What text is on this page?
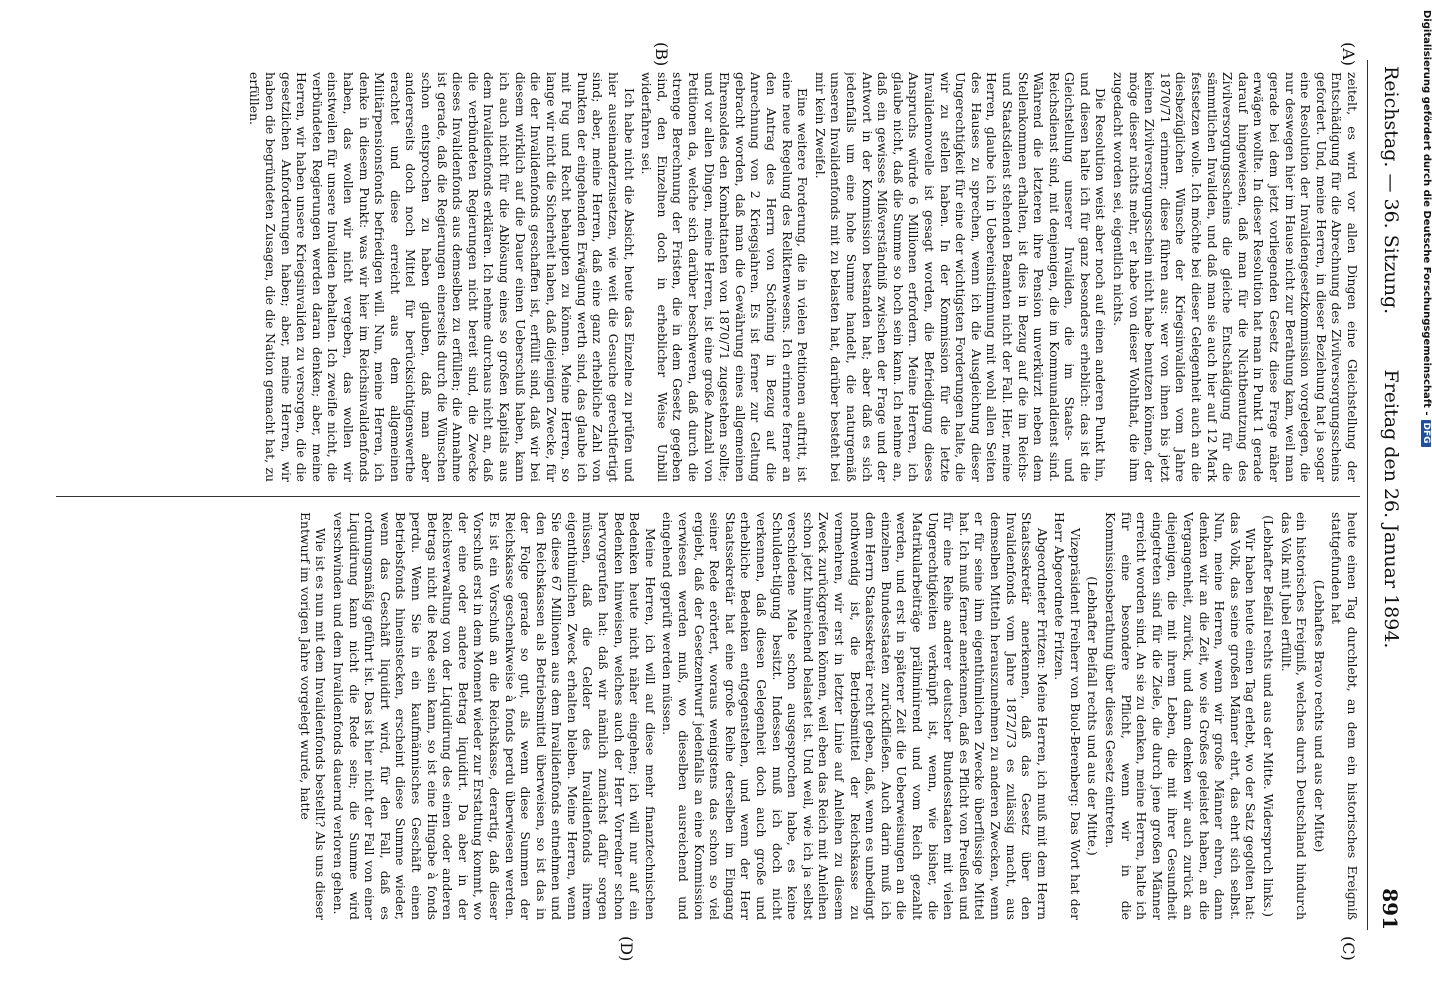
Reichstag. — 36. Sitzung.
Freitag den 26. Januar 1894.
891
(A)
(B)
(C)
(D)

zeitelt, es wird vor allen Dingen eine Gleichstellung der Entschädigung für die Abrechnung des Zivilversorgungsscheins gefordert. Und, meine Herren, in dieser Beziehung hat ja sogar eine Resolution der Invalidengesetzkommission vorgelegen, die nur deswegen hier im Hause nicht zur Berathung kam, weil man gerade bei dem jetzt vorliegenden Gesetz diese Frage näher erwägen wollte. In dieser Resolution hat man in Punkt 1 gerade darauf hingewiesen, daß man für die Nichtbenutzung des Zivilversorgungsscheins die gleiche Entschädigung für die sämmtlichen Invaliden, und daß man sie auch hier auf 12 Mark festsetzen wolle. Ich möchte bei dieser Gelegenheit auch an die diesbezüglichen Wünsche der Kriegsinvaliden vom Jahre 1870/71 erinnern; diese führen aus: wer von ihnen bis jetzt keinen Zivilversorgungsschein nicht habe benutzen können, der möge dieser nichts mehr, er habe von dieser Wohlthat, die ihm zugedacht worden sei, eigentlich nichts.

Die Resolution weist aber noch auf einen anderen Punkt hin, und diesen halte ich für ganz besonders erheblich: das ist die Gleichstellung unserer Invaliden, die im Staats- und Reichsdienst sind, mit denjenigen, die im Kommunaldienst sind. Während die letzteren ihre Pension unverkürzt neben dem Stellenkommen erhalten, ist dies in Bezug auf die im Reichs- und Staatsdienst stehenden Beamten nicht der Fall. Hier, meine Herren, glaube ich in Uebereinstimmung mit wohl allen Seiten des Hauses zu sprechen, wenn ich die Ausgleichung dieser Ungerechtigkeit für eine der wichtigsten Forderungen halte, die wir zu stellen haben. In der Kommission für die letzte Invalidennovelle ist gesagt worden, die Befriedigung dieses Anspruchs würde 6 Millionen erfordern. Meine Herren, ich glaube nicht, daß die Summe so hoch sein kann. Ich nehme an, daß ein gewisses Mißverständniß zwischen der Frage und der Antwort in der Kommission bestanden hat; aber daß es sich jedenfalls um eine hohe Summe handelt, die naturgemäß unseren Invalidenfonds mit zu belasten hat, darüber besteht bei mir kein Zweifel.

Eine weitere Forderung, die in vielen Petitionen auftritt, ist eine neue Regelung des Reliktenwesens. Ich erinnere ferner an den Antrag des Herrn von Schöning in Bezug auf die Anrechnung von 2 Kriegsjahren. Es ist ferner zur Geltung gebracht worden, daß man die Gewährung eines allgemeinen Ehrensoldes den Kombattanten von 1870/71 zugestehen sollte; und vor allen Dingen, meine Herren, ist eine große Anzahl von Petitionen da, welche sich darüber beschweren, daß durch die strenge Berechnung der Fristen, die in dem Gesetz gegeben sind, den Einzelnen doch in erheblicher Weise Unbill widerfahren sei.

Ich habe nicht die Absicht, heute das Einzelne zu prüfen und hier auseinanderzusetzen, wie weit die Gesuche gerechtfertigt sind; aber, meine Herren, daß eine ganz erhebliche Zahl von Punkten der eingehenden Erwägung werth sind, das glaube ich mit Fug und Recht behaupten zu können. Meine Herren, so lange wir nicht die Sicherheit haben, daß diejenigen Zwecke, für die der Invalidenfonds geschaffen ist, erfüllt sind, daß wir bei diesem wirklich auf die Dauer einen Ueberschuß haben, kann ich auch nicht für die Ablösung eines so großen Kapitals aus dem Invalidenfonds erklären. Ich nehme durchaus nicht an, daß die verbündeten Regierungen nicht bereit sind, die Zwecke dieses Invalidenfonds aus demselben zu erfüllen; die Annahme ist gerade, daß die Regierungen einerseits durch die Wünschen schon entsprochen zu haben glauben, daß man aber andererseits doch noch Mittel für berücksichtigenswerthe erachtet und diese erreicht aus dem allgemeinen Militärpensionsfonds befriedigen will. Nun, meine Herren, ich denke in diesem Punkt: was wir hier im Reichsinvalidenfonds haben, das wollen wir nicht vergeben, das wollen wir einstweilen für unsere Invaliden behalten. Ich zweifle nicht, die verbündeten Regierungen werden daran denken; aber, meine Herren, wir haben unsere Kriegsinvaliden zu versorgen, die die gesetzlichen Anforderungen haben; aber, meine Herren, wir haben die begründeten Zusagen, die die Nation gemacht hat, zu erfüllen.

heute einen Tag durchlebt, an dem ein historisches Ereigniß stattgefunden hat

(Lebhaftes Bravo rechts und aus der Mitte)

ein historisches Ereigniß, welches durch Deutschland hindurch das Volk mit Jubel erfüllt.

(Lebhafter Beifall rechts und aus der Mitte. Widerspruch links.)

Wir haben heute einen Tag erlebt, wo der Satz gegolten hat: das Volk, das seine großen Männer ehrt, das ehrt sich selbst. Nun, meine Herren, wenn wir große Männer ehren, dann denken wir an die Zeit, wo sie Großes geleistet haben, an die Vergangenheit, zurück, und dann denken wir auch zurück an diejenigen, die mit ihrem Leben, die mit ihrer Gesundheit eingetreten sind für die Ziele, die durch jene großen Männer erreicht worden sind. An sie zu denken, meine Herren, halte ich für eine besondere Pflicht, wenn wir in die Kommissionsberathung über dieses Gesetz eintreten.

(Lebhafter Beifall rechts und aus der Mitte.)

Vizepräsident Freiherr von Buol-Berenberg: Das Wort hat der Herr Abgeordnete Fritzen.

Abgeordneter Fritzen: Meine Herren, ich muß mit dem Herrn Staatssekretär anerkennen, daß das Gesetz über den Invalidenfonds vom Jahre 1872/73 es zulässig macht, aus demselben Mitteln herauszunehmen zu anderen Zwecken, wenn er für seine ihm eigenthümlichen Zwecke überflüssige Mittel hat. Ich muß ferner anerkennen, daß es Pflicht von Preußen und für eine Reihe anderer deutscher Bundesstaaten mit vielen Ungerechtigkeiten verknüpft ist, wenn, wie bisher, die Matrikularbeiträge präliminirend und vom Reich gezahlt werden, und erst in späterer Zeit die Ueberweisungen an die einzelnen Bundesstaaten zurückfließen. Auch darin muß ich dem Herrn Staatssekretär recht geben, daß, wenn es unbedingt nothwendig ist, die Betriebsmittel der Reichskasse zu vermehren, wir erst in letzter Linie auf Anleihen zu diesem Zweck zurückgreifen können, weil eben das Reich mit Anleihen schon jetzt hinreichend belastet ist. Und weil, wie ich ja selbst verschiedene Male schon ausgesprochen habe, es keine Schulden-tilgung besitzt. Indessen muß ich doch nicht verkennen, daß diesen Gelegenheit doch auch große und erhebliche Bedenken entgegenstehen, und wenn der Herr Staatssekretär hat eine große Reihe derselben im Eingang seiner Rede erörtert, woraus wenigstens das schon so viel ergiebt, daß der Gesetzentwurf jedenfalls an eine Kommission verwiesen werden muß, wo dieselben ausreichend und eingehend geprüft werden müssen.

Meine Herren, ich will auf diese mehr finanztechnischen Bedenken heute nicht näher eingehen; ich will nur auf ein Bedenken hinweisen, welches auch der Herr Vorredner schon hervorgerufen hat: daß wir nämlich zunächst dafür sorgen müssen, daß die Gelder des Invalidenfonds ihrem eigenthümlichen Zweck erhalten bleiben. Meine Herren, wenn Sie diese 67 Millionen aus dem Invalidenfonds entnehmen und den Reichskassen als Betriebsmittel überweisen, so ist das in der Folge gerade so gut, als wenn diese Summen der Reichskasse geschenkweise à fonds perdu überwiesen werden. Es ist ein Vorschuß an die Reichskasse, derartig, daß dieser Vorschuß erst in dem Moment wieder zur Erstattung kommt, wo der eine oder andere Betrag liquidirt. Da aber in der Reichsverwaltung von der Liquidirung des einen oder anderen Betrags nicht die Rede sein kann, so ist eine Hingabe à fonds perdu. Wenn Sie in ein kaufmännisches Geschäft einen Betriebsfonds hineinstecken, erscheint diese Summe wieder, wenn das Geschäft liquidirt wird, für den Fall, daß es ordnungsmäßig geführt ist. Das ist hier nicht der Fall von einer Liquidirung kann nicht die Rede sein; die Summe wird verschwinden und dem Invalidenfonds dauernd verloren gehen.

Wie ist es nun mit dem Invalidenfonds bestellt? Als uns dieser Entwurf im vorigen Jahre vorgelegt wurde, hatte

Digitalisierung gefördert durch die Deutsche Forschungsgemeinschaft -DFG
